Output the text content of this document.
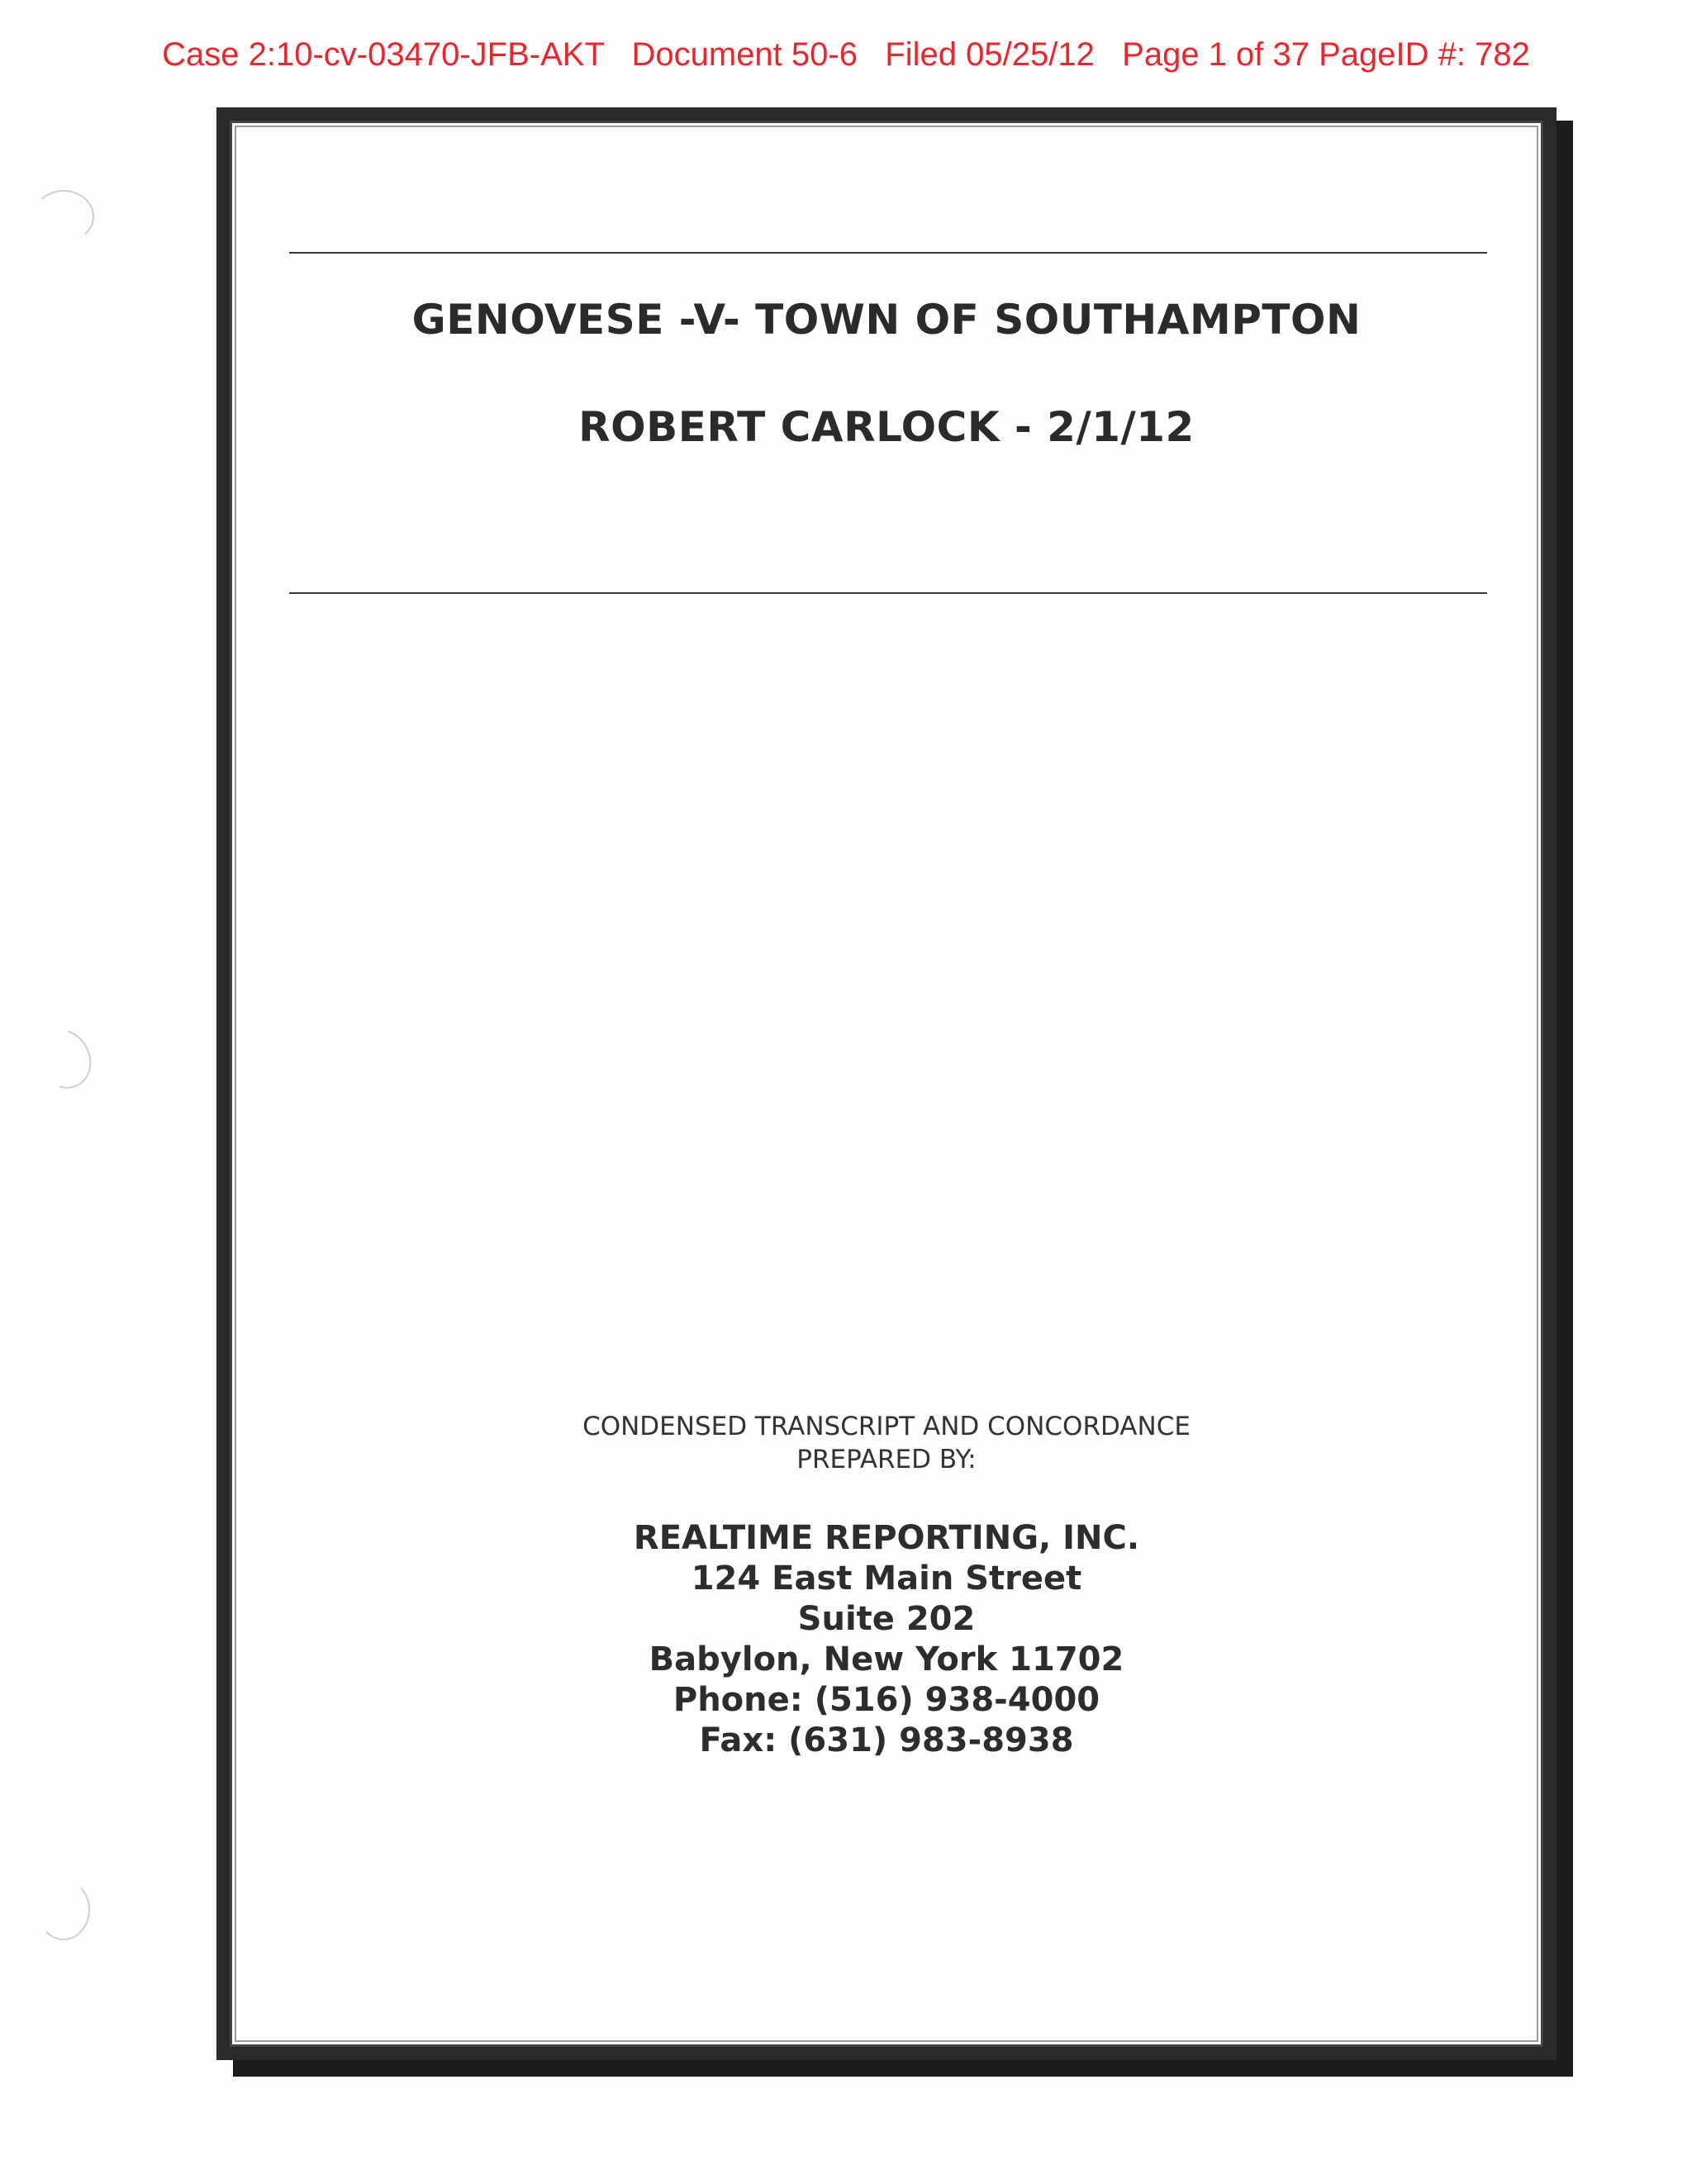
Case 2:10-cv-03470-JFB-AKT   Document 50-6   Filed 05/25/12   Page 1 of 37 PageID #: 782
GENOVESE -V- TOWN OF SOUTHAMPTON
ROBERT CARLOCK - 2/1/12
CONDENSED TRANSCRIPT AND CONCORDANCE
PREPARED BY:
REALTIME REPORTING, INC.
124 East Main Street
Suite 202
Babylon, New York 11702
Phone: (516) 938-4000
Fax: (631) 983-8938
